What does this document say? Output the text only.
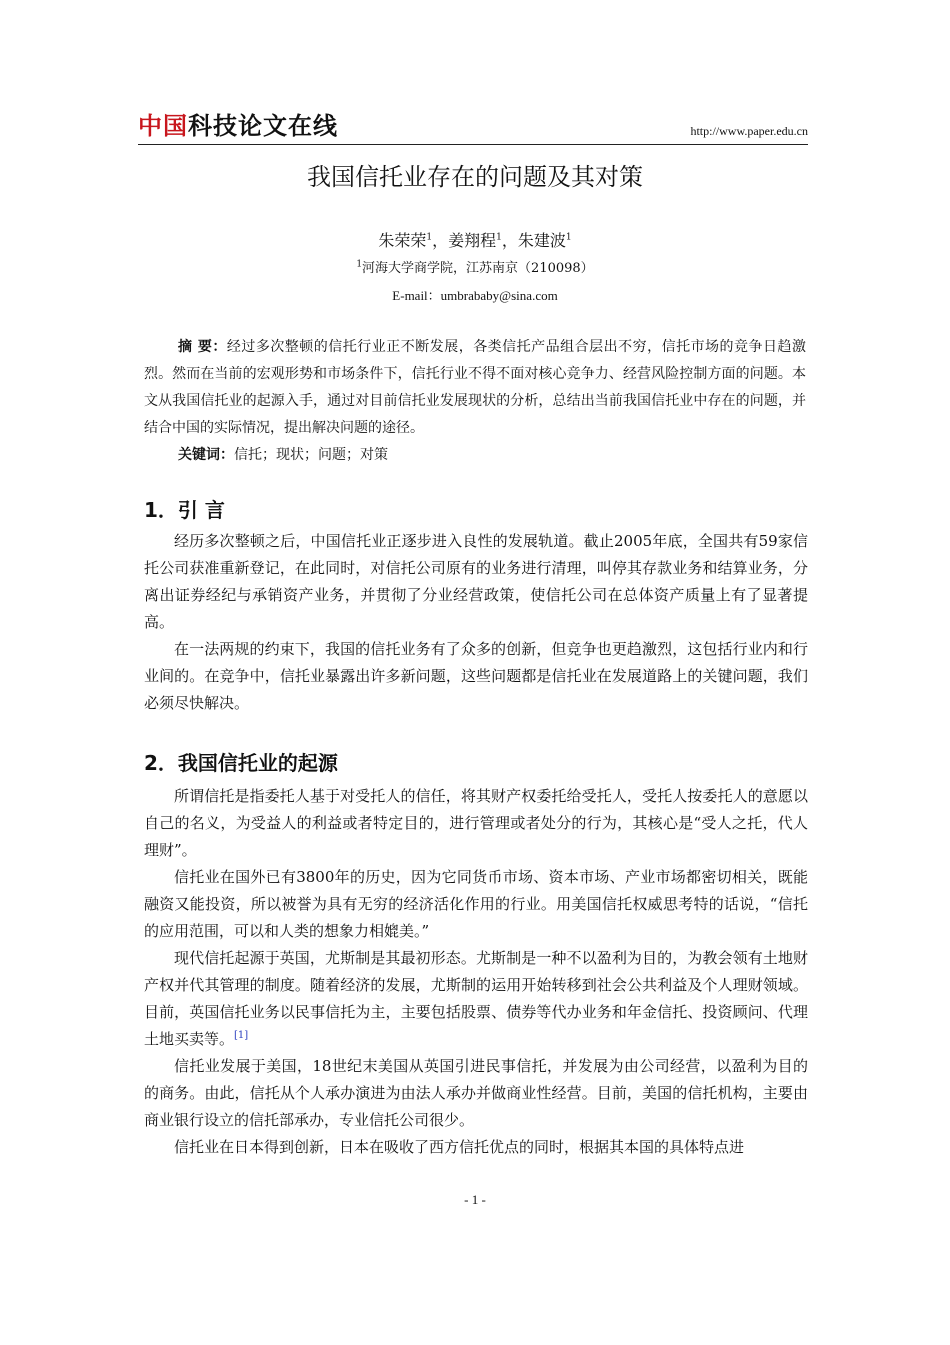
中国科技论文在线	http://www.paper.edu.cn
我国信托业存在的问题及其对策
朱荣荣$^1$，姜翔程$^1$，朱建波$^1$
$^1$河海大学商学院，江苏南京（210098）
E-mail：umbrababy@sina.com
摘 要：经过多次整顿的信托行业正不断发展，各类信托产品组合层出不穷，信托市场的竞争日趋激烈。然而在当前的宏观形势和市场条件下，信托行业不得不面对核心竞争力、经营风险控制方面的问题。本文从我国信托业的起源入手，通过对目前信托业发展现状的分析，总结出当前我国信托业中存在的问题，并结合中国的实际情况，提出解决问题的途径。
关键词：信托；现状；问题；对策
1．引 言

经历多次整顿之后，中国信托业正逐步进入良性的发展轨道。截止2005年底，全国共有59家信托公司获准重新登记，在此同时，对信托公司原有的业务进行清理，叫停其存款业务和结算业务，分离出证券经纪与承销资产业务，并贯彻了分业经营政策，使信托公司在总体资产质量上有了显著提高。

在一法两规的约束下，我国的信托业务有了众多的创新，但竞争也更趋激烈，这包括行业内和行业间的。在竞争中，信托业暴露出许多新问题，这些问题都是信托业在发展道路上的关键问题，我们必须尽快解决。

2．我国信托业的起源

所谓信托是指委托人基于对受托人的信任，将其财产权委托给受托人，受托人按委托人的意愿以自己的名义，为受益人的利益或者特定目的，进行管理或者处分的行为，其核心是“受人之托，代人理财”。

信托业在国外已有3800年的历史，因为它同货币市场、资本市场、产业市场都密切相关，既能融资又能投资，所以被誉为具有无穷的经济活化作用的行业。用美国信托权威思考特的话说，“信托的应用范围，可以和人类的想象力相媲美。”

现代信托起源于英国，尤斯制是其最初形态。尤斯制是一种不以盈利为目的，为教会领有土地财产权并代其管理的制度。随着经济的发展，尤斯制的运用开始转移到社会公共利益及个人理财领域。目前，英国信托业务以民事信托为主，主要包括股票、债券等代办业务和年金信托、投资顾问、代理土地买卖等。[1]

信托业发展于美国，18世纪末美国从英国引进民事信托，并发展为由公司经营，以盈利为目的的商务。由此，信托从个人承办演进为由法人承办并做商业性经营。目前，美国的信托机构，主要由商业银行设立的信托部承办，专业信托公司很少。

信托业在日本得到创新，日本在吸收了西方信托优点的同时，根据其本国的具体特点进

- 1 -
